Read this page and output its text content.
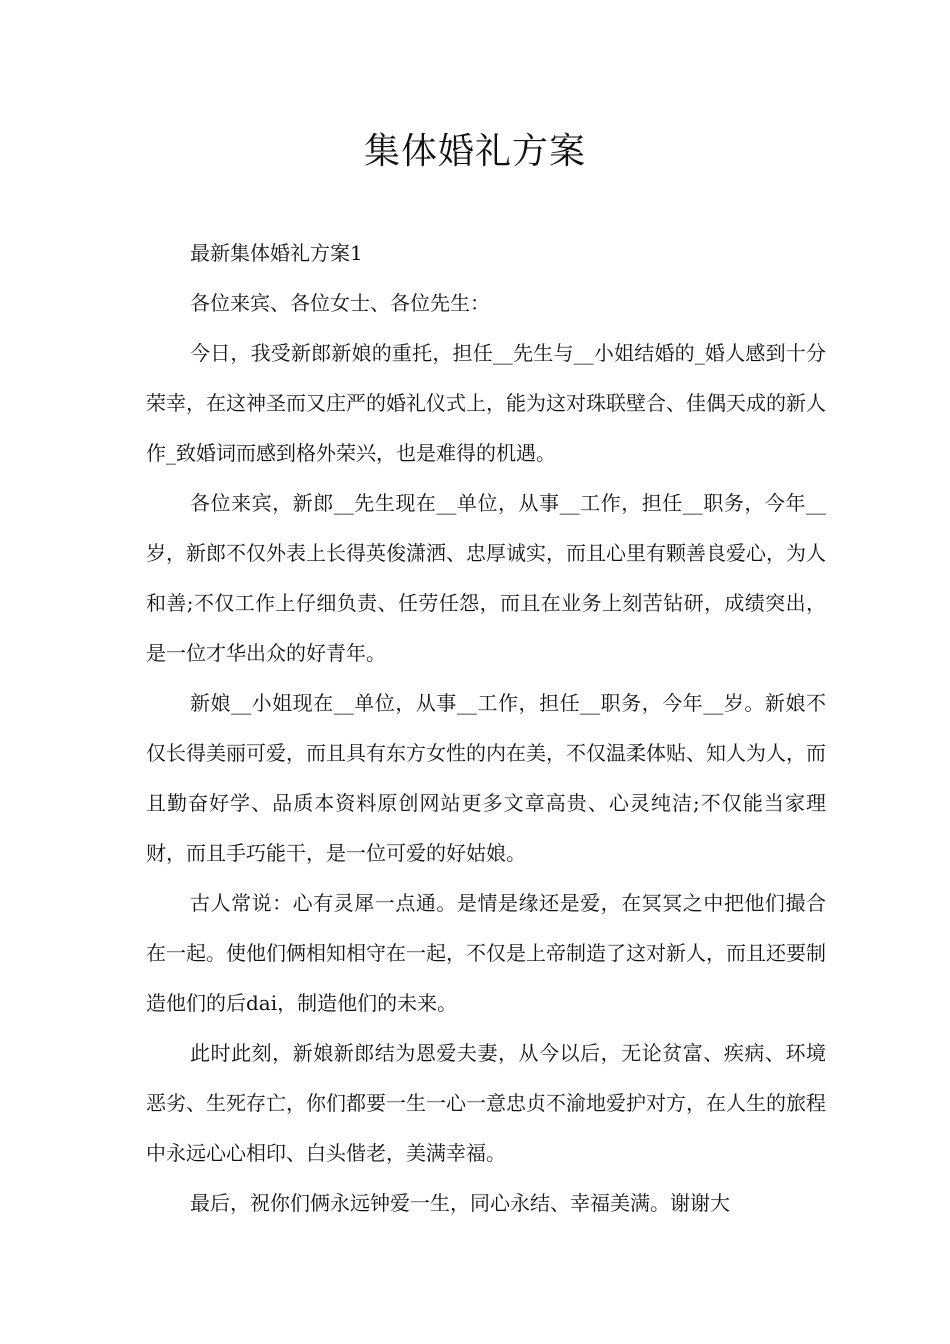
集体婚礼方案

最新集体婚礼方案1

各位来宾、各位女士、各位先生：

今日，我受新郎新娘的重托，担任__先生与__小姐结婚的_婚人感到十分荣幸，在这神圣而又庄严的婚礼仪式上，能为这对珠联壁合、佳偶天成的新人作_致婚词而感到格外荣兴，也是难得的机遇。

各位来宾，新郎__先生现在__单位，从事__工作，担任__职务，今年__岁，新郎不仅外表上长得英俊潇洒、忠厚诚实，而且心里有颗善良爱心，为人和善;不仅工作上仔细负责、任劳任怨，而且在业务上刻苦钻研，成绩突出，是一位才华出众的好青年。

新娘__小姐现在__单位，从事__工作，担任__职务，今年__岁。新娘不仅长得美丽可爱，而且具有东方女性的内在美，不仅温柔体贴、知人为人，而且勤奋好学、品质本资料原创网站更多文章高贵、心灵纯洁;不仅能当家理财，而且手巧能干，是一位可爱的好姑娘。

古人常说：心有灵犀一点通。是情是缘还是爱，在冥冥之中把他们撮合在一起。使他们俩相知相守在一起，不仅是上帝制造了这对新人，而且还要制造他们的后dai，制造他们的未来。

此时此刻，新娘新郎结为恩爱夫妻，从今以后，无论贫富、疾病、环境恶劣、生死存亡，你们都要一生一心一意忠贞不渝地爱护对方，在人生的旅程中永远心心相印、白头偕老，美满幸福。

最后，祝你们俩永远钟爱一生，同心永结、幸福美满。谢谢大
